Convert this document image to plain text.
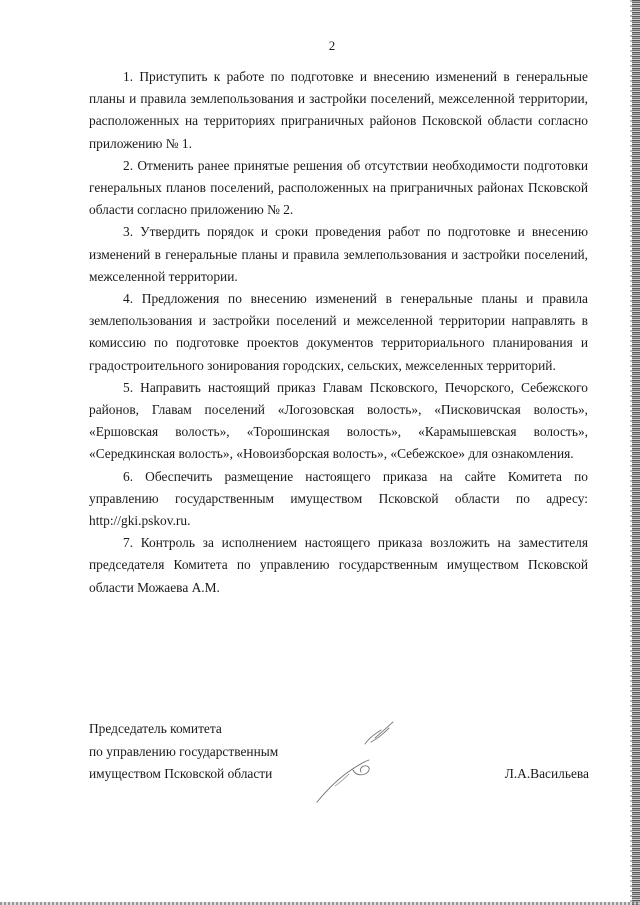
2

1. Приступить к работе по подготовке и внесению изменений в генеральные планы и правила землепользования и застройки поселений, межселенной территории, расположенных на территориях приграничных районов Псковской области согласно приложению № 1.

2. Отменить ранее принятые решения об отсутствии необходимости подготовки генеральных планов поселений, расположенных на приграничных районах Псковской области согласно приложению № 2.

3. Утвердить порядок и сроки проведения работ по подготовке и внесению изменений в генеральные планы и правила землепользования и застройки поселений, межселенной территории.

4. Предложения по внесению изменений в генеральные планы и правила землепользования и застройки поселений и межселенной территории направлять в комиссию по подготовке проектов документов территориального планирования и градостроительного зонирования городских, сельских, межселенных территорий.

5. Направить настоящий приказ Главам Псковского, Печорского, Себежского районов, Главам поселений «Логозовская волость», «Писковичская волость», «Ершовская волость», «Торошинская волость», «Карамышевская волость», «Середкинская волость», «Новоизборская волость», «Себежское» для ознакомления.

6. Обеспечить размещение настоящего приказа на сайте Комитета по управлению государственным имуществом Псковской области по адресу: http://gki.pskov.ru.

7. Контроль за исполнением настоящего приказа возложить на заместителя председателя Комитета по управлению государственным имуществом Псковской области Можаева А.М.

Председатель комитета

по управлению государственным

имуществом Псковской области	Л.А.Васильева
